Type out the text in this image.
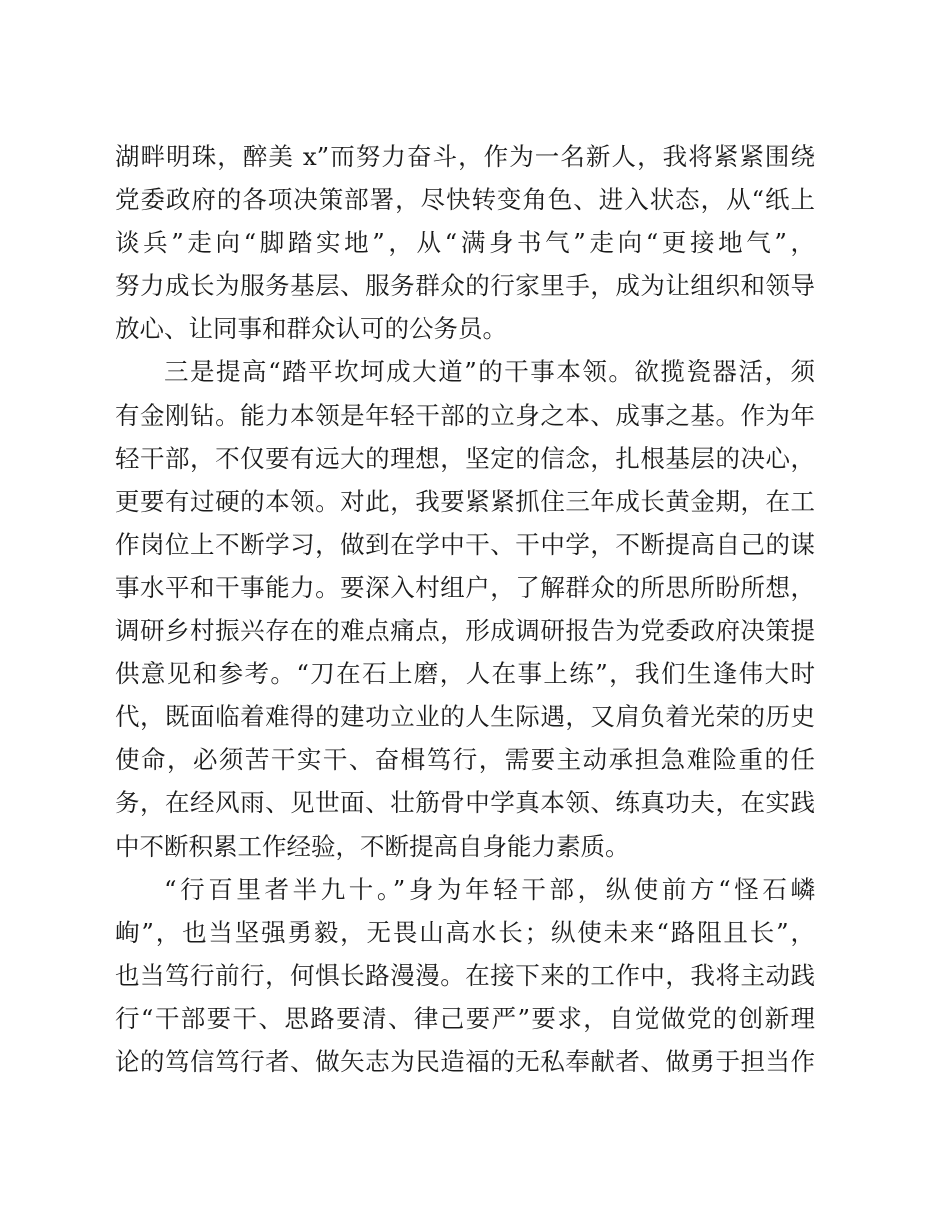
湖畔明珠，醉美 x”而努力奋斗，作为一名新人，我将紧紧围绕
党委政府的各项决策部署，尽快转变角色、进入状态，从“纸上
谈兵”走向“脚踏实地”，从“满身书气”走向“更接地气”，
努力成长为服务基层、服务群众的行家里手，成为让组织和领导
放心、让同事和群众认可的公务员。
三是提高“踏平坎坷成大道”的干事本领。欲揽瓷器活，须
有金刚钻。能力本领是年轻干部的立身之本、成事之基。作为年
轻干部，不仅要有远大的理想，坚定的信念，扎根基层的决心，
更要有过硬的本领。对此，我要紧紧抓住三年成长黄金期，在工
作岗位上不断学习，做到在学中干、干中学，不断提高自己的谋
事水平和干事能力。要深入村组户，了解群众的所思所盼所想，
调研乡村振兴存在的难点痛点，形成调研报告为党委政府决策提
供意见和参考。“刀在石上磨，人在事上练”，我们生逢伟大时
代，既面临着难得的建功立业的人生际遇，又肩负着光荣的历史
使命，必须苦干实干、奋楫笃行，需要主动承担急难险重的任
务，在经风雨、见世面、壮筋骨中学真本领、练真功夫，在实践
中不断积累工作经验，不断提高自身能力素质。
“行百里者半九十。”身为年轻干部，纵使前方“怪石嶙
峋”，也当坚强勇毅，无畏山高水长；纵使未来“路阻且长”，
也当笃行前行，何惧长路漫漫。在接下来的工作中，我将主动践
行“干部要干、思路要清、律己要严”要求，自觉做党的创新理
论的笃信笃行者、做矢志为民造福的无私奉献者、做勇于担当作
